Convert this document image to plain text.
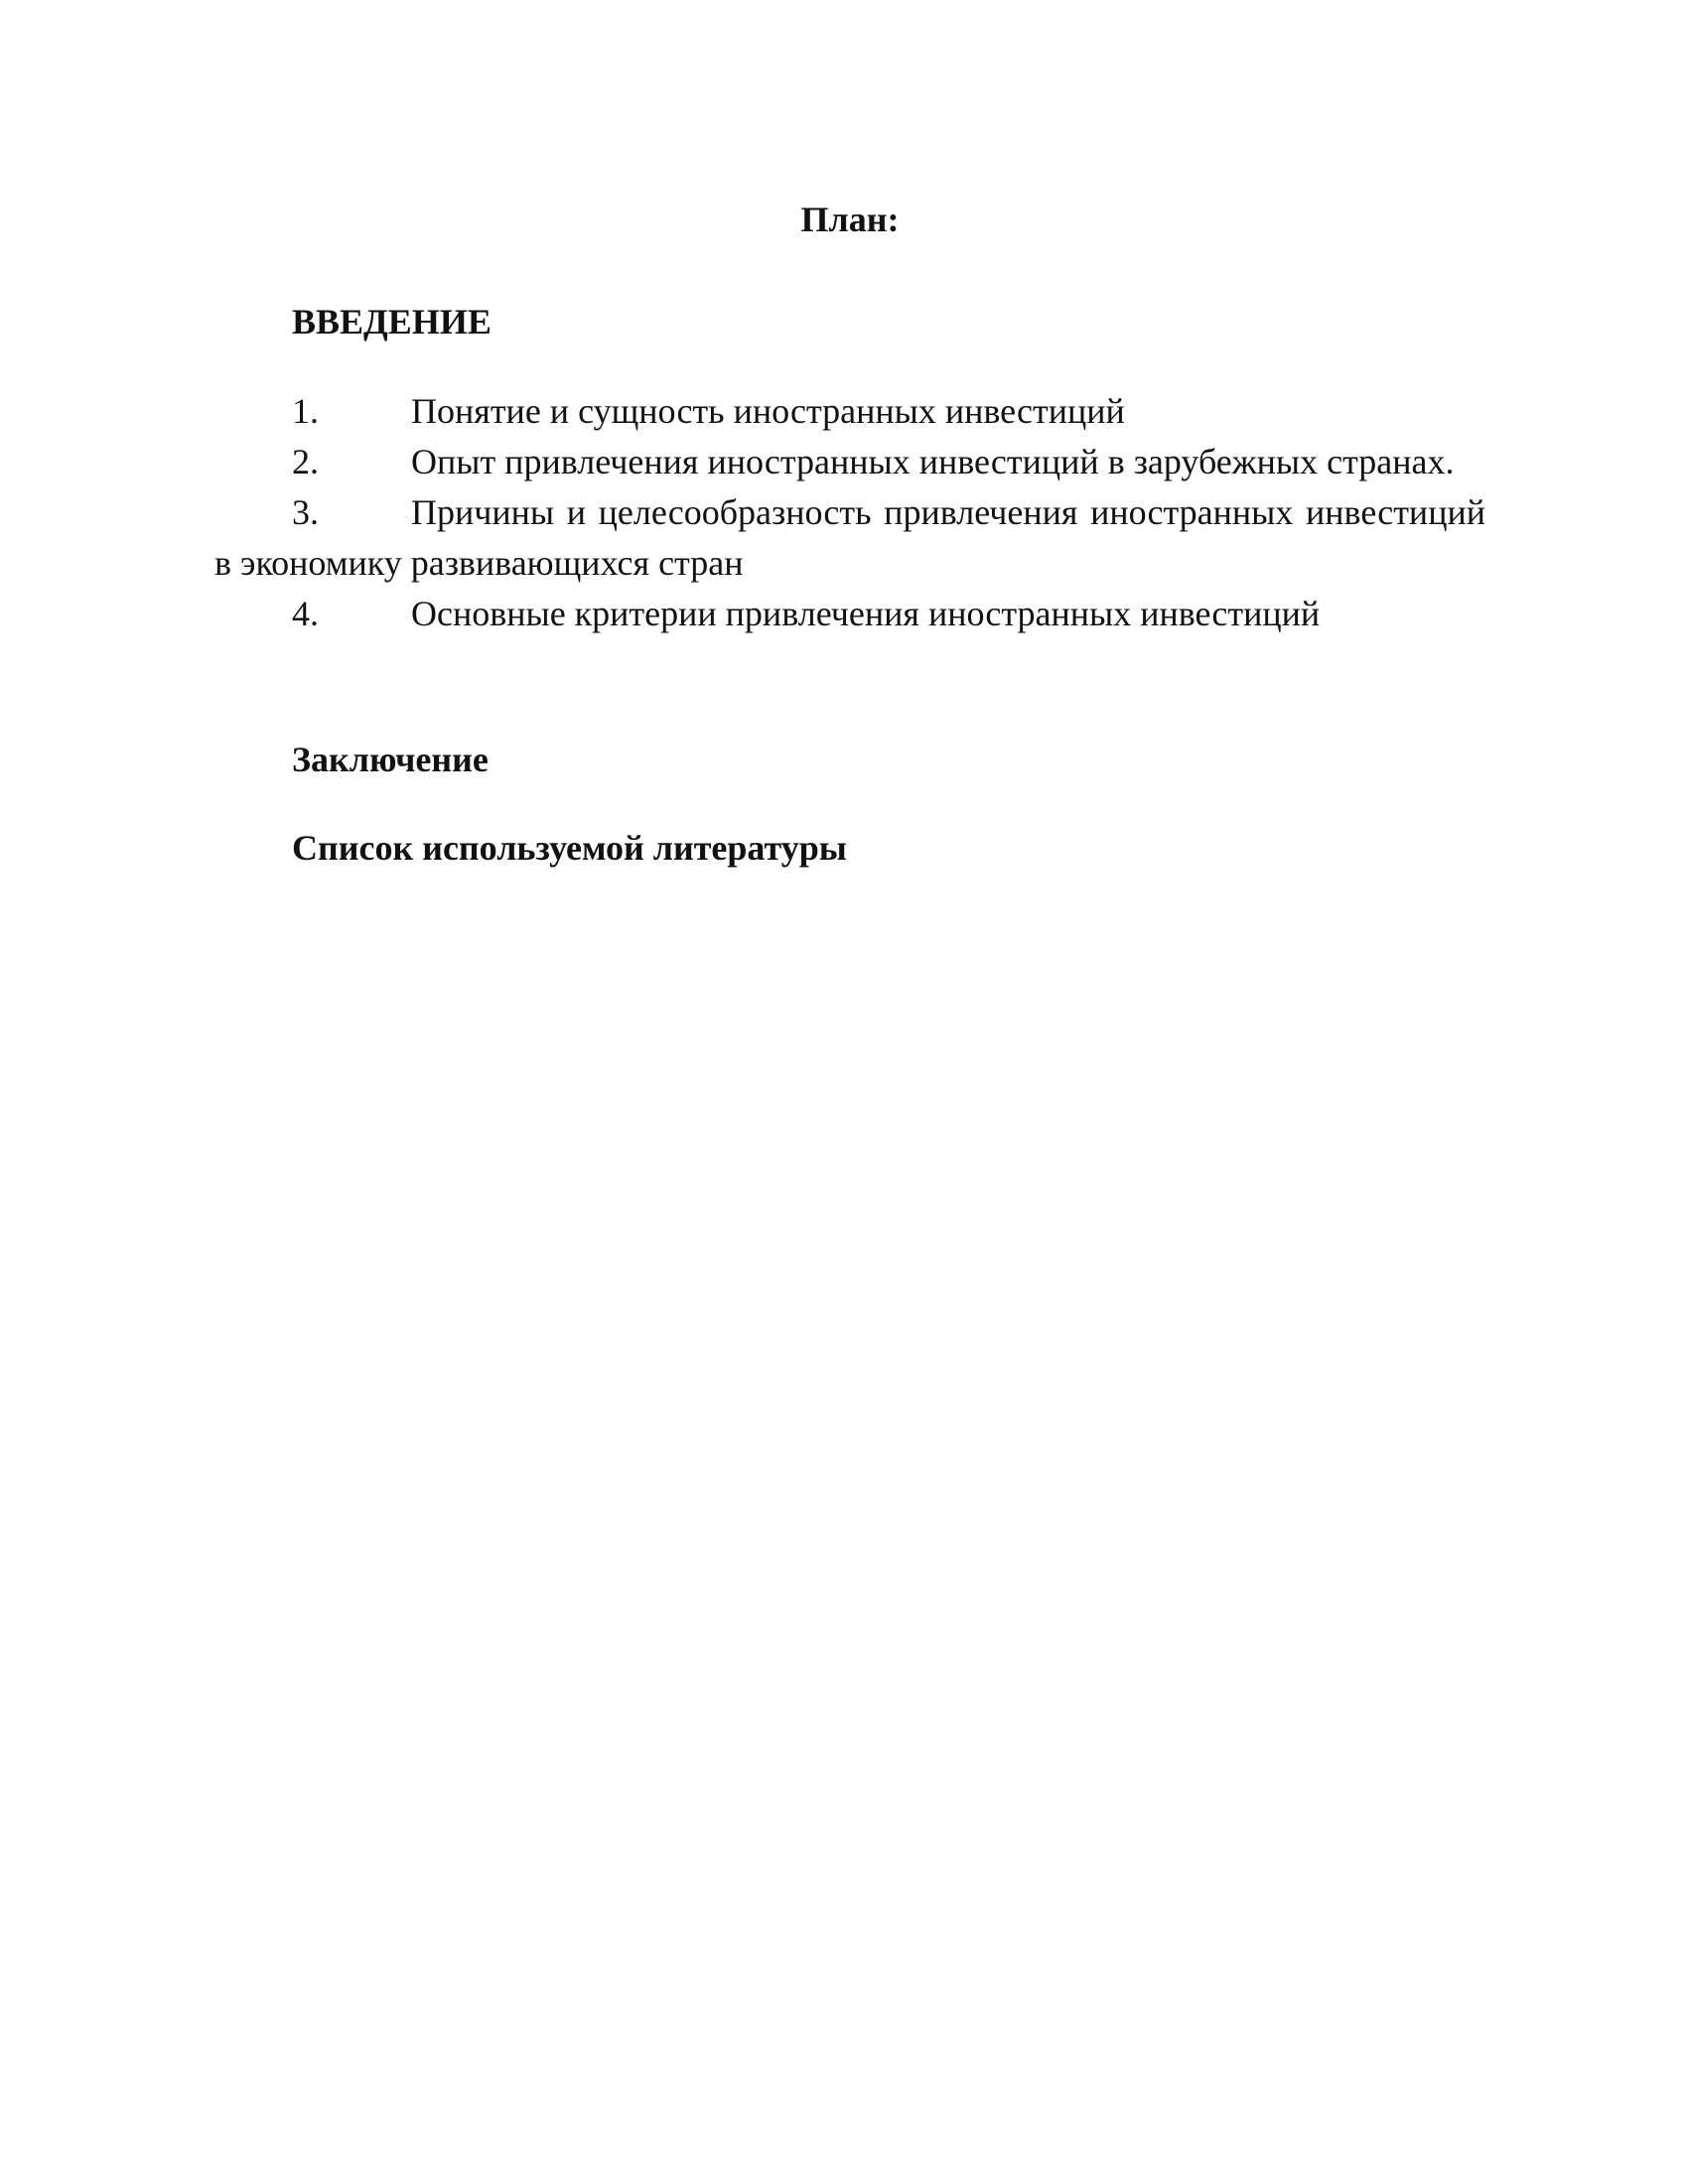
План:
ВВЕДЕНИЕ
1.	Понятие и сущность иностранных инвестиций
2.	Опыт привлечения иностранных инвестиций в зарубежных странах.
3.	Причины и целесообразность привлечения иностранных инвестиций в экономику развивающихся стран
4.	Основные критерии привлечения иностранных инвестиций
Заключение
Список используемой литературы
